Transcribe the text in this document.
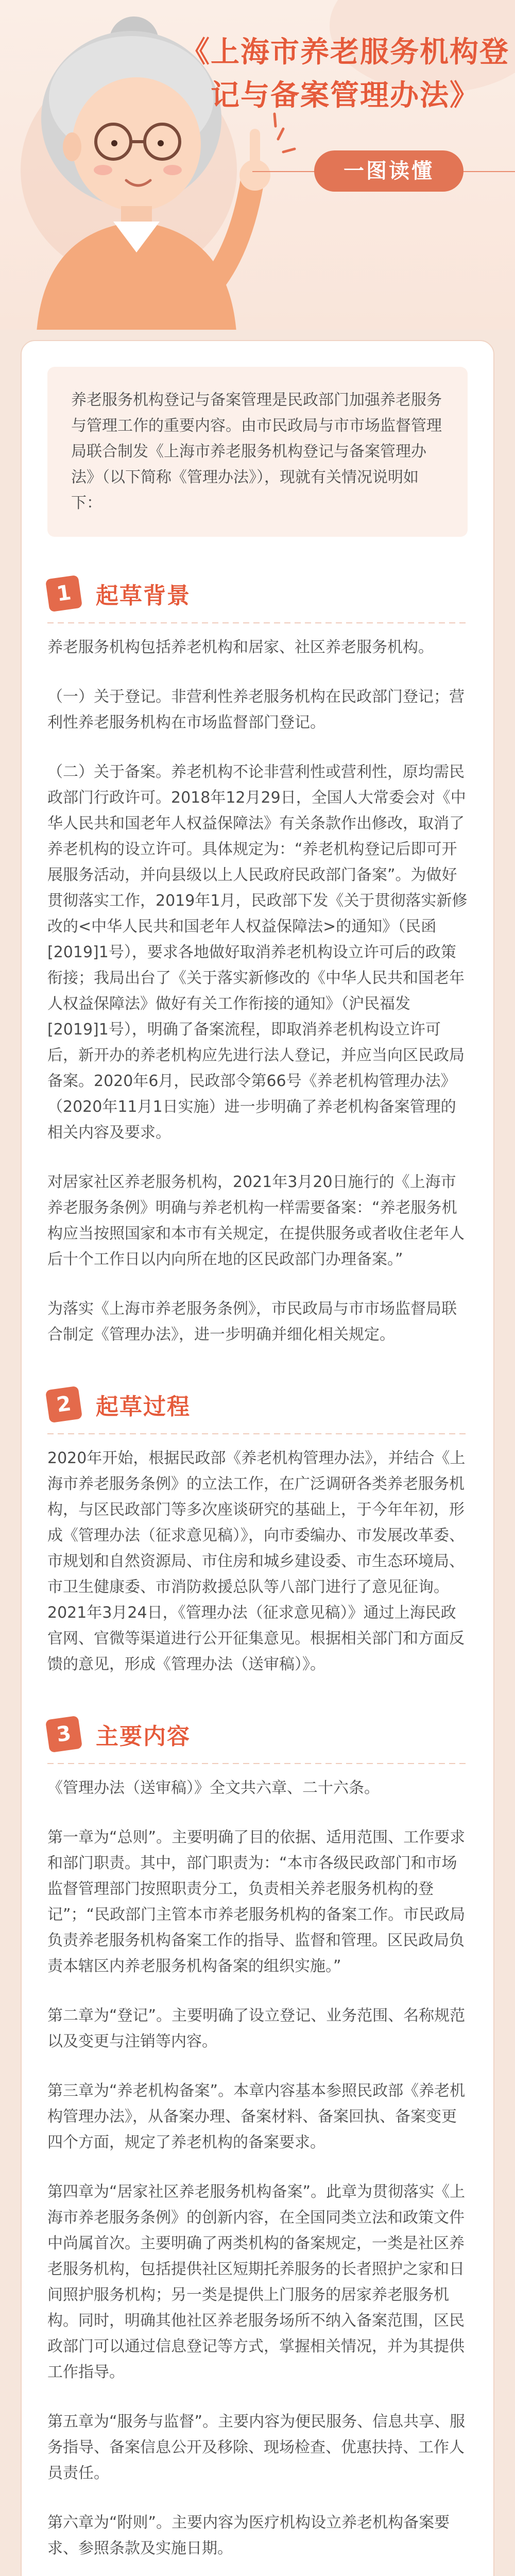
《上海市养老服务机构登记与备案管理办法》
一图读懂

养老服务机构登记与备案管理是民政部门加强养老服务与管理工作的重要内容。由市民政局与市市场监督管理局联合制发《上海市养老服务机构登记与备案管理办法》（以下简称《管理办法》），现就有关情况说明如下：

1	起草背景

养老服务机构包括养老机构和居家、社区养老服务机构。

（一）关于登记。非营利性养老服务机构在民政部门登记；营利性养老服务机构在市场监督部门登记。

（二）关于备案。养老机构不论非营利性或营利性，原均需民政部门行政许可。2018年12月29日，全国人大常委会对《中华人民共和国老年人权益保障法》有关条款作出修改，取消了养老机构的设立许可。具体规定为：“养老机构登记后即可开展服务活动，并向县级以上人民政府民政部门备案”。为做好贯彻落实工作，2019年1月，民政部下发《关于贯彻落实新修改的<中华人民共和国老年人权益保障法>的通知》（民函[2019]1号），要求各地做好取消养老机构设立许可后的政策衔接；我局出台了《关于落实新修改的《中华人民共和国老年人权益保障法》做好有关工作衔接的通知》（沪民福发[2019]1号），明确了备案流程，即取消养老机构设立许可后，新开办的养老机构应先进行法人登记，并应当向区民政局备案。2020年6月，民政部令第66号《养老机构管理办法》（2020年11月1日实施）进一步明确了养老机构备案管理的相关内容及要求。

对居家社区养老服务机构，2021年3月20日施行的《上海市养老服务条例》明确与养老机构一样需要备案：“养老服务机构应当按照国家和本市有关规定，在提供服务或者收住老年人后十个工作日以内向所在地的区民政部门办理备案。”

为落实《上海市养老服务条例》，市民政局与市市场监督局联合制定《管理办法》，进一步明确并细化相关规定。

2	起草过程

2020年开始，根据民政部《养老机构管理办法》，并结合《上海市养老服务条例》的立法工作，在广泛调研各类养老服务机构，与区民政部门等多次座谈研究的基础上，于今年年初，形成《管理办法（征求意见稿）》，向市委编办、市发展改革委、市规划和自然资源局、市住房和城乡建设委、市生态环境局、市卫生健康委、市消防救援总队等八部门进行了意见征询。2021年3月24日，《管理办法（征求意见稿）》通过上海民政官网、官微等渠道进行公开征集意见。根据相关部门和方面反馈的意见，形成《管理办法（送审稿）》。

3	主要内容

《管理办法（送审稿）》全文共六章、二十六条。

第一章为“总则”。主要明确了目的依据、适用范围、工作要求和部门职责。其中，部门职责为：“本市各级民政部门和市场监督管理部门按照职责分工，负责相关养老服务机构的登记”；“民政部门主管本市养老服务机构的备案工作。市民政局负责养老服务机构备案工作的指导、监督和管理。区民政局负责本辖区内养老服务机构备案的组织实施。”

第二章为“登记”。主要明确了设立登记、业务范围、名称规范以及变更与注销等内容。

第三章为“养老机构备案”。本章内容基本参照民政部《养老机构管理办法》，从备案办理、备案材料、备案回执、备案变更四个方面，规定了养老机构的备案要求。

第四章为“居家社区养老服务机构备案”。此章为贯彻落实《上海市养老服务条例》的创新内容，在全国同类立法和政策文件中尚属首次。主要明确了两类机构的备案规定，一类是社区养老服务机构，包括提供社区短期托养服务的长者照护之家和日间照护服务机构；另一类是提供上门服务的居家养老服务机构。同时，明确其他社区养老服务场所不纳入备案范围，区民政部门可以通过信息登记等方式，掌握相关情况，并为其提供工作指导。

第五章为“服务与监督”。主要内容为便民服务、信息共享、服务指导、备案信息公开及移除、现场检查、优惠扶持、工作人员责任。

第六章为“附则”。主要内容为医疗机构设立养老机构备案要求、参照条款及实施日期。
